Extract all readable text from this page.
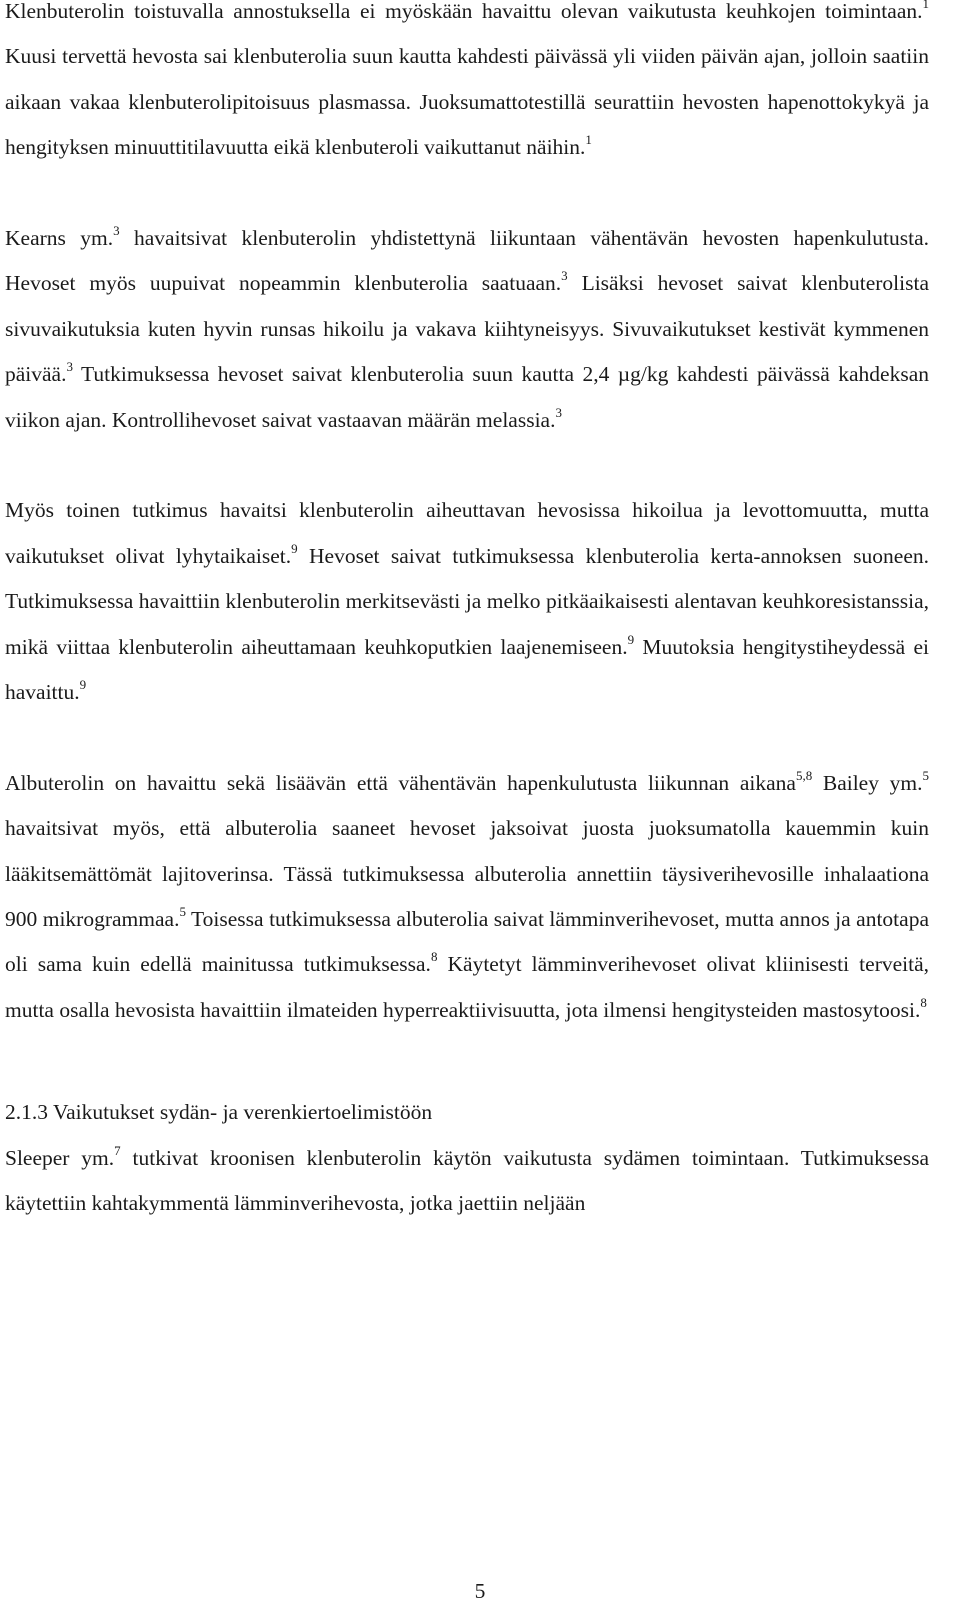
Klenbuterolin toistuvalla annostuksella ei myöskään havaittu olevan vaikutusta keuhkojen toimintaan.$^1$ Kuusi tervettä hevosta sai klenbuterolia suun kautta kahdesti päivässä yli viiden päivän ajan, jolloin saatiin aikaan vakaa klenbuterolipitoisuus plasmassa. Juoksumattotestillä seurattiin hevosten hapenottokykyä ja hengityksen minuuttitilavuutta eikä klenbuteroli vaikuttanut näihin.$^1$

Kearns ym.$^3$ havaitsivat klenbuterolin yhdistettynä liikuntaan vähentävän hevosten hapenkulutusta. Hevoset myös uupuivat nopeammin klenbuterolia saatuaan.$^3$ Lisäksi hevoset saivat klenbuterolista sivuvaikutuksia kuten hyvin runsas hikoilu ja vakava kiihtyneisyys. Sivuvaikutukset kestivät kymmenen päivää.$^3$ Tutkimuksessa hevoset saivat klenbuterolia suun kautta 2,4 µg/kg kahdesti päivässä kahdeksan viikon ajan. Kontrollihevoset saivat vastaavan määrän melassia.$^3$

Myös toinen tutkimus havaitsi klenbuterolin aiheuttavan hevosissa hikoilua ja levottomuutta, mutta vaikutukset olivat lyhytaikaiset.$^9$ Hevoset saivat tutkimuksessa klenbuterolia kerta-annoksen suoneen. Tutkimuksessa havaittiin klenbuterolin merkitsevästi ja melko pitkäaikaisesti alentavan keuhkoresistanssia, mikä viittaa klenbuterolin aiheuttamaan keuhkoputkien laajenemiseen.$^9$ Muutoksia hengitystiheydessä ei havaittu.$^9$

Albuterolin on havaittu sekä lisäävän että vähentävän hapenkulutusta liikunnan aikana$^{5,8}$ Bailey ym.$^5$ havaitsivat myös, että albuterolia saaneet hevoset jaksoivat juosta juoksumatolla kauemmin kuin lääkitsemättömät lajitoverinsa. Tässä tutkimuksessa albuterolia annettiin täysiverihevosille inhalaationa 900 mikrogrammaa.$^5$ Toisessa tutkimuksessa albuterolia saivat lämminverihevoset, mutta annos ja antotapa oli sama kuin edellä mainitussa tutkimuksessa.$^8$ Käytetyt lämminverihevoset olivat kliinisesti terveitä, mutta osalla hevosista havaittiin ilmateiden hyperreaktiivisuutta, jota ilmensi hengitysteiden mastosytoosi.$^8$

2.1.3 Vaikutukset sydän- ja verenkiertoelimistöön

Sleeper ym.$^7$ tutkivat kroonisen klenbuterolin käytön vaikutusta sydämen toimintaan. Tutkimuksessa käytettiin kahtakymmentä lämminverihevosta, jotka jaettiin neljään

5
